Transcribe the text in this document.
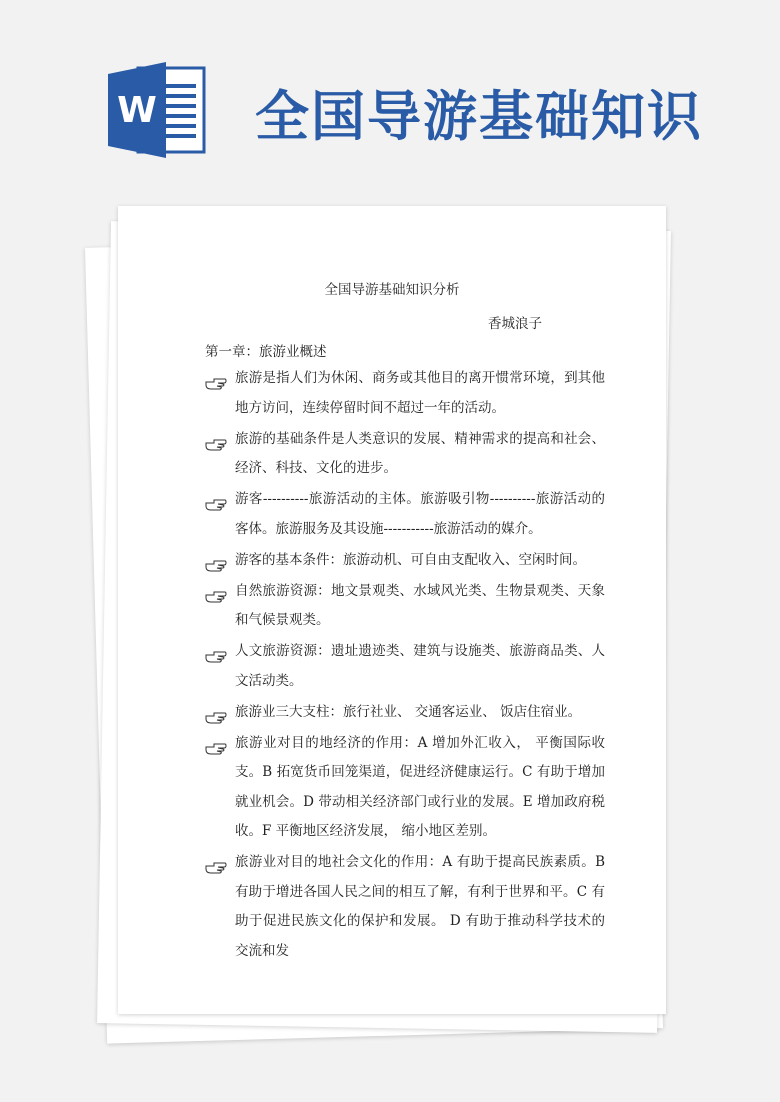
W 全国导游基础知识
全国导游基础知识分析
香城浪子
第一章：旅游业概述
旅游是指人们为休闲、商务或其他目的离开惯常环境，到其他地方访问，连续停留时间不超过一年的活动。
旅游的基础条件是人类意识的发展、精神需求的提高和社会、经济、科技、文化的进步。
游客----------旅游活动的主体。旅游吸引物----------旅游活动的客体。旅游服务及其设施-----------旅游活动的媒介。
游客的基本条件：旅游动机、可自由支配收入、空闲时间。
自然旅游资源：地文景观类、水域风光类、生物景观类、天象和气候景观类。
人文旅游资源：遗址遗迹类、建筑与设施类、旅游商品类、人文活动类。
旅游业三大支柱：旅行社业、 交通客运业、 饭店住宿业。
旅游业对目的地经济的作用：A 增加外汇收入， 平衡国际收支。B 拓宽货币回笼渠道，促进经济健康运行。C 有助于增加就业机会。D 带动相关经济部门或行业的发展。E 增加政府税收。F 平衡地区经济发展， 缩小地区差别。
旅游业对目的地社会文化的作用：A 有助于提高民族素质。B 有助于增进各国人民之间的相互了解，有利于世界和平。C 有助于促进民族文化的保护和发展。 D 有助于推动科学技术的交流和发
